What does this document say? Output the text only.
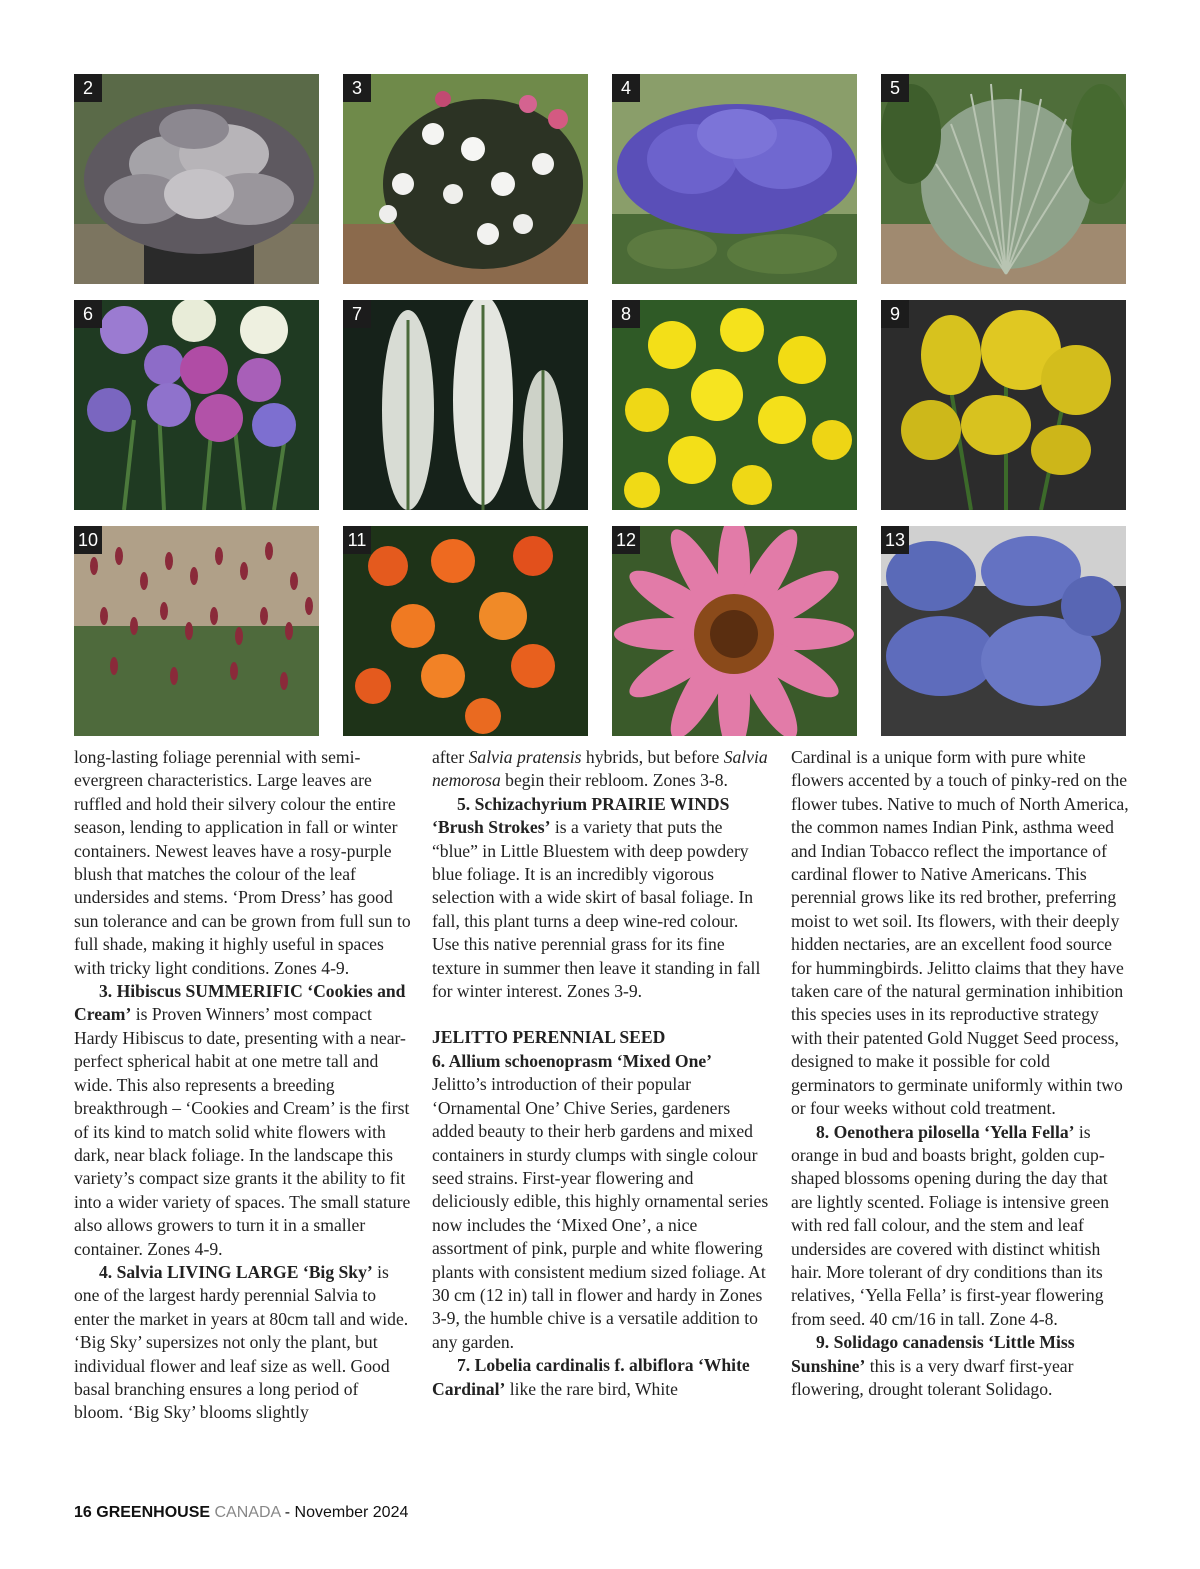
2	3	4	5
6	7	8	9
10	11	12	13

long-lasting foliage perennial with semi-evergreen characteristics. Large leaves are ruffled and hold their silvery colour the entire season, lending to application in fall or winter containers. Newest leaves have a rosy-purple blush that matches the colour of the leaf undersides and stems. ‘Prom Dress’ has good sun tolerance and can be grown from full sun to full shade, making it highly useful in spaces with tricky light conditions. Zones 4-9.

3. Hibiscus SUMMERIFIC ‘Cookies and Cream’ is Proven Winners’ most compact Hardy Hibiscus to date, presenting with a near-perfect spherical habit at one metre tall and wide. This also represents a breeding breakthrough – ‘Cookies and Cream’ is the first of its kind to match solid white flowers with dark, near black foliage. In the landscape this variety’s compact size grants it the ability to fit into a wider variety of spaces. The small stature also allows growers to turn it in a smaller container. Zones 4-9.

4. Salvia LIVING LARGE ‘Big Sky’ is one of the largest hardy perennial Salvia to enter the market in years at 80cm tall and wide. ‘Big Sky’ supersizes not only the plant, but individual flower and leaf size as well. Good basal branching ensures a long period of bloom. ‘Big Sky’ blooms slightly

after Salvia pratensis hybrids, but before Salvia nemorosa begin their rebloom. Zones 3-8.

5. Schizachyrium PRAIRIE WINDS ‘Brush Strokes’ is a variety that puts the “blue” in Little Bluestem with deep powdery blue foliage. It is an incredibly vigorous selection with a wide skirt of basal foliage. In fall, this plant turns a deep wine-red colour. Use this native perennial grass for its fine texture in summer then leave it standing in fall for winter interest. Zones 3-9.

JELITTO PERENNIAL SEED

6. Allium schoenoprasm ‘Mixed One’ Jelitto’s introduction of their popular ‘Ornamental One’ Chive Series, gardeners added beauty to their herb gardens and mixed containers in sturdy clumps with single colour seed strains. First-year flowering and deliciously edible, this highly ornamental series now includes the ‘Mixed One’, a nice assortment of pink, purple and white flowering plants with consistent medium sized foliage. At 30 cm (12 in) tall in flower and hardy in Zones 3-9, the humble chive is a versatile addition to any garden.

7. Lobelia cardinalis f. albiflora ‘White Cardinal’ like the rare bird, White

Cardinal is a unique form with pure white flowers accented by a touch of pinky-red on the flower tubes. Native to much of North America, the common names Indian Pink, asthma weed and Indian Tobacco reflect the importance of cardinal flower to Native Americans. This perennial grows like its red brother, preferring moist to wet soil. Its flowers, with their deeply hidden nectaries, are an excellent food source for hummingbirds. Jelitto claims that they have taken care of the natural germination inhibition this species uses in its reproductive strategy with their patented Gold Nugget Seed process, designed to make it possible for cold germinators to germinate uniformly within two or four weeks without cold treatment.

8. Oenothera pilosella ‘Yella Fella’ is orange in bud and boasts bright, golden cup-shaped blossoms opening during the day that are lightly scented. Foliage is intensive green with red fall colour, and the stem and leaf undersides are covered with distinct whitish hair. More tolerant of dry conditions than its relatives, ‘Yella Fella’ is first-year flowering from seed. 40 cm/16 in tall. Zone 4-8.

9. Solidago canadensis ‘Little Miss Sunshine’ this is a very dwarf first-year flowering, drought tolerant Solidago.

16 GREENHOUSE CANADA - November 2024
